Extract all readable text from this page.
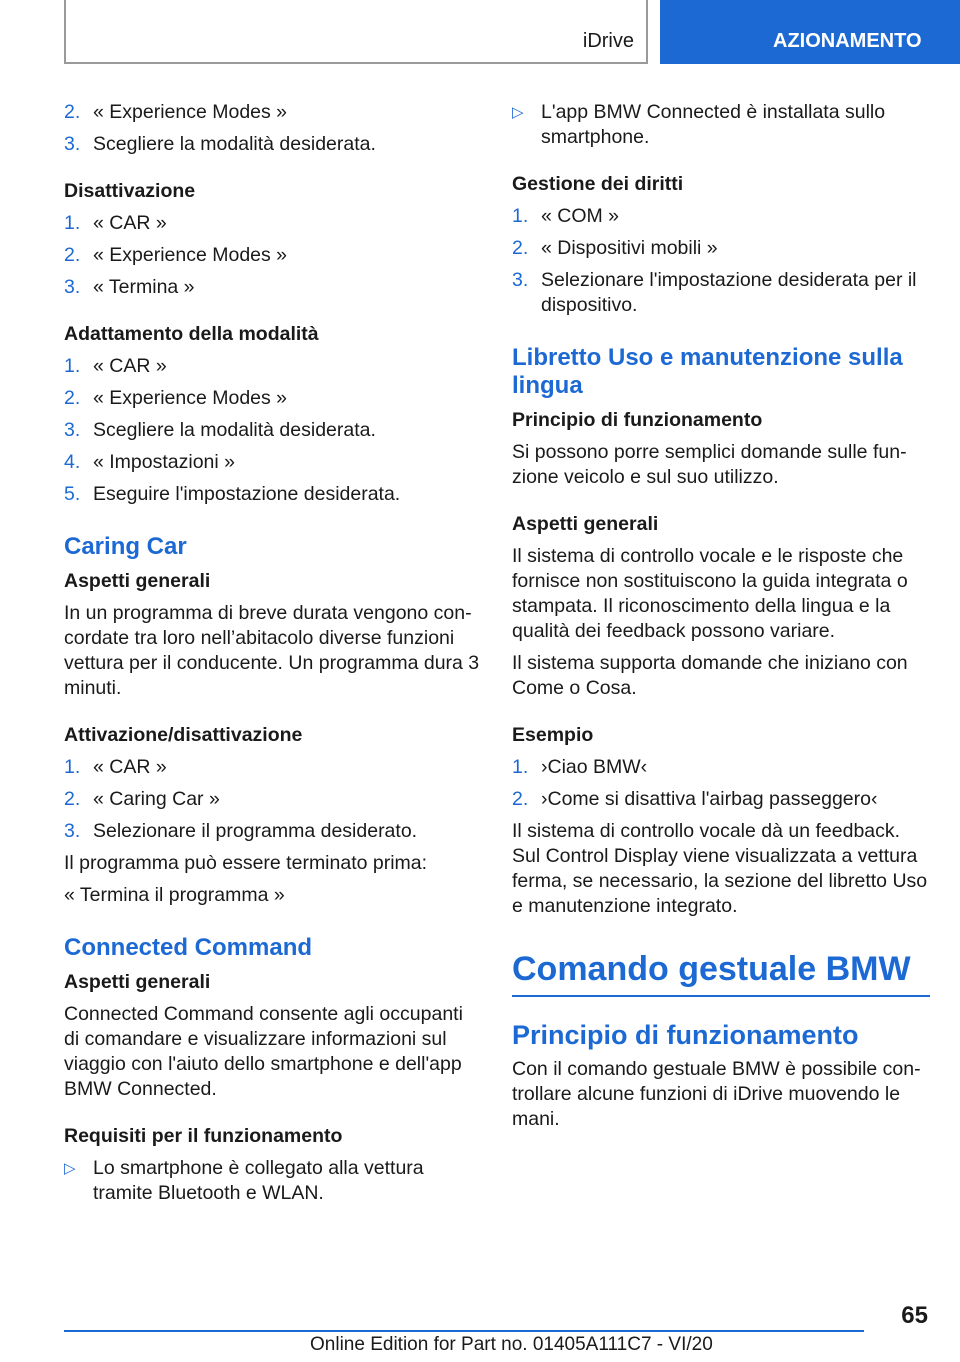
iDrive	AZIONAMENTO
2. « Experience Modes »
3. Scegliere la modalità desiderata.
Disattivazione
1. « CAR »
2. « Experience Modes »
3. « Termina »
Adattamento della modalità
1. « CAR »
2. « Experience Modes »
3. Scegliere la modalità desiderata.
4. « Impostazioni »
5. Eseguire l'impostazione desiderata.
Caring Car
Aspetti generali
In un programma di breve durata vengono concordate tra loro nell’abitacolo diverse funzioni vettura per il conducente. Un programma dura 3 minuti.
Attivazione/disattivazione
1. « CAR »
2. « Caring Car »
3. Selezionare il programma desiderato.
Il programma può essere terminato prima:
« Termina il programma »
Connected Command
Aspetti generali
Connected Command consente agli occupanti di comandare e visualizzare informazioni sul viaggio con l'aiuto dello smartphone e dell'app BMW Connected.
Requisiti per il funzionamento
▷ Lo smartphone è collegato alla vettura tramite Bluetooth e WLAN.
▷ L'app BMW Connected è installata sullo smartphone.
Gestione dei diritti
1. « COM »
2. « Dispositivi mobili »
3. Selezionare l'impostazione desiderata per il dispositivo.
Libretto Uso e manutenzione sulla lingua
Principio di funzionamento
Si possono porre semplici domande sulle funzione veicolo e sul suo utilizzo.
Aspetti generali
Il sistema di controllo vocale e le risposte che fornisce non sostituiscono la guida integrata o stampata. Il riconoscimento della lingua e la qualità dei feedback possono variare.
Il sistema supporta domande che iniziano con Come o Cosa.
Esempio
1. ›Ciao BMW‹
2. ›Come si disattiva l'airbag passeggero‹
Il sistema di controllo vocale dà un feedback. Sul Control Display viene visualizzata a vettura ferma, se necessario, la sezione del libretto Uso e manutenzione integrato.
Comando gestuale BMW
Principio di funzionamento
Con il comando gestuale BMW è possibile controllare alcune funzioni di iDrive muovendo le mani.
65
Online Edition for Part no. 01405A111C7 - VI/20
